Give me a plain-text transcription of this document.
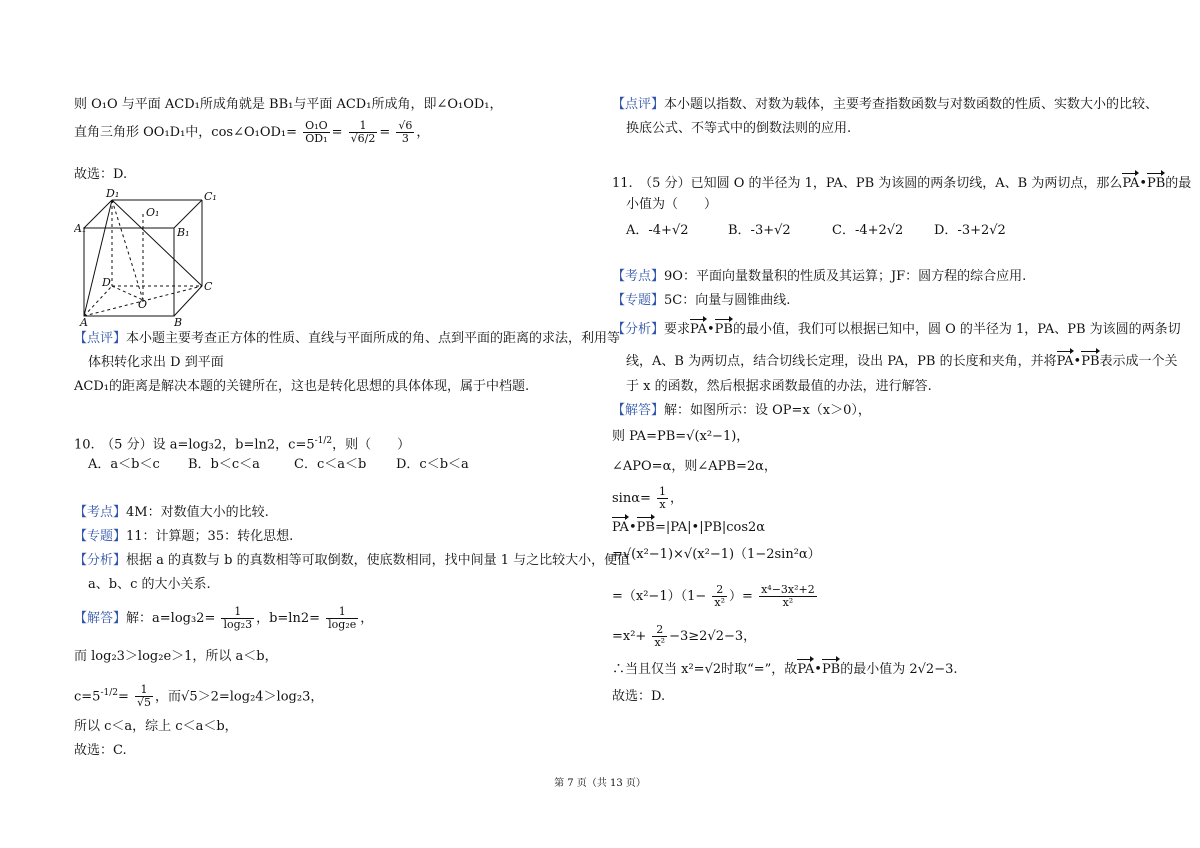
则 O₁O 与平面 ACD₁所成角就是 BB₁与平面 ACD₁所成角，即∠O₁OD₁，
直角三角形 OO₁D₁中，cos∠O₁OD₁= $\frac{\text{O₁O}}{\text{OD₁}} = \frac{1}{√6/2} = \frac{√6}{3}$ ，
故选：D.
D₁	C₁
O₁
A₁	B₁
D	C
O
A	B
【点评】本小题主要考查正方体的性质、直线与平面所成的角、点到平面的距离的求法，利用等
体积转化求出 D 到平面
ACD₁的距离是解决本题的关键所在，这也是转化思想的具体体现，属于中档题.
10.　（5 分）设 a=log₃2，b=ln2，$c=5^{-1/2}$，则（　　）
A．a＜b＜c B．b＜c＜a	C．c＜a＜b D．c＜b＜a
【考点】4M：对数值大小的比较.
【专题】11：计算题；35：转化思想.
【分析】根据 a 的真数与 b 的真数相等可取倒数，使底数相同，找中间量 1 与之比较大小，便值
a、b、c 的大小关系.
【解答】解：$a=\log_32= \frac{1}{\text{log₂3}}$ ，$b=\ln 2= \frac{1}{\text{log₂e}}$ ，
而 log₂3＞log₂e＞1，所以 a＜b，
$c=5^{-1/2}= \frac{1}{√5}$ ，而√5＞2=log₂4＞log₂3，
所以 c＜a，综上 c＜a＜b，
故选：C.
【点评】本小题以指数、对数为载体，主要考查指数函数与对数函数的性质、实数大小的比较、
换底公式、不等式中的倒数法则的应用.
11.　（5 分）已知圆 O 的半径为 1，PA、PB 为该圆的两条切线，A、B 为两切点，那么PA•PB的最
小值为（　　）
A．-4+√2	B．-3+√2	C．-4+2√2 D．-3+2√2
【考点】9O：平面向量数量积的性质及其运算；JF：圆方程的综合应用.
【专题】5C：向量与圆锥曲线.
【分析】要求PA•PB的最小值，我们可以根据已知中，圆 O 的半径为 1，PA、PB 为该圆的两条切
线，A、B 为两切点，结合切线长定理，设出 PA，PB 的长度和夹角，并将PA•PB表示成一个关
于 x 的函数，然后根据求函数最值的办法，进行解答.
【解答】解：如图所示：设 OP=x（x＞0），
则 PA=PB=√(x²−1)，
∠APO=α，则∠APB=2α，
$\sin\alpha= \frac{1}{x}$ ，
PA•PB=|PA|•|PB|cos2α
=√(x²−1)×√(x²−1)（1−2sin²α）
$=(x^2-1)(1- \frac{2}{\text{x²}}$ ）= $\frac{\text{x⁴−3x²+2}}{\text{x²}}$
$=x^2+ \frac{2}{\text{x²}} -3\ge 2√2-3$，
∴当且仅当 x²=√2时取“=”，故PA•PB的最小值为 2√2−3.
故选：D.
第 7 页（共 13 页）
